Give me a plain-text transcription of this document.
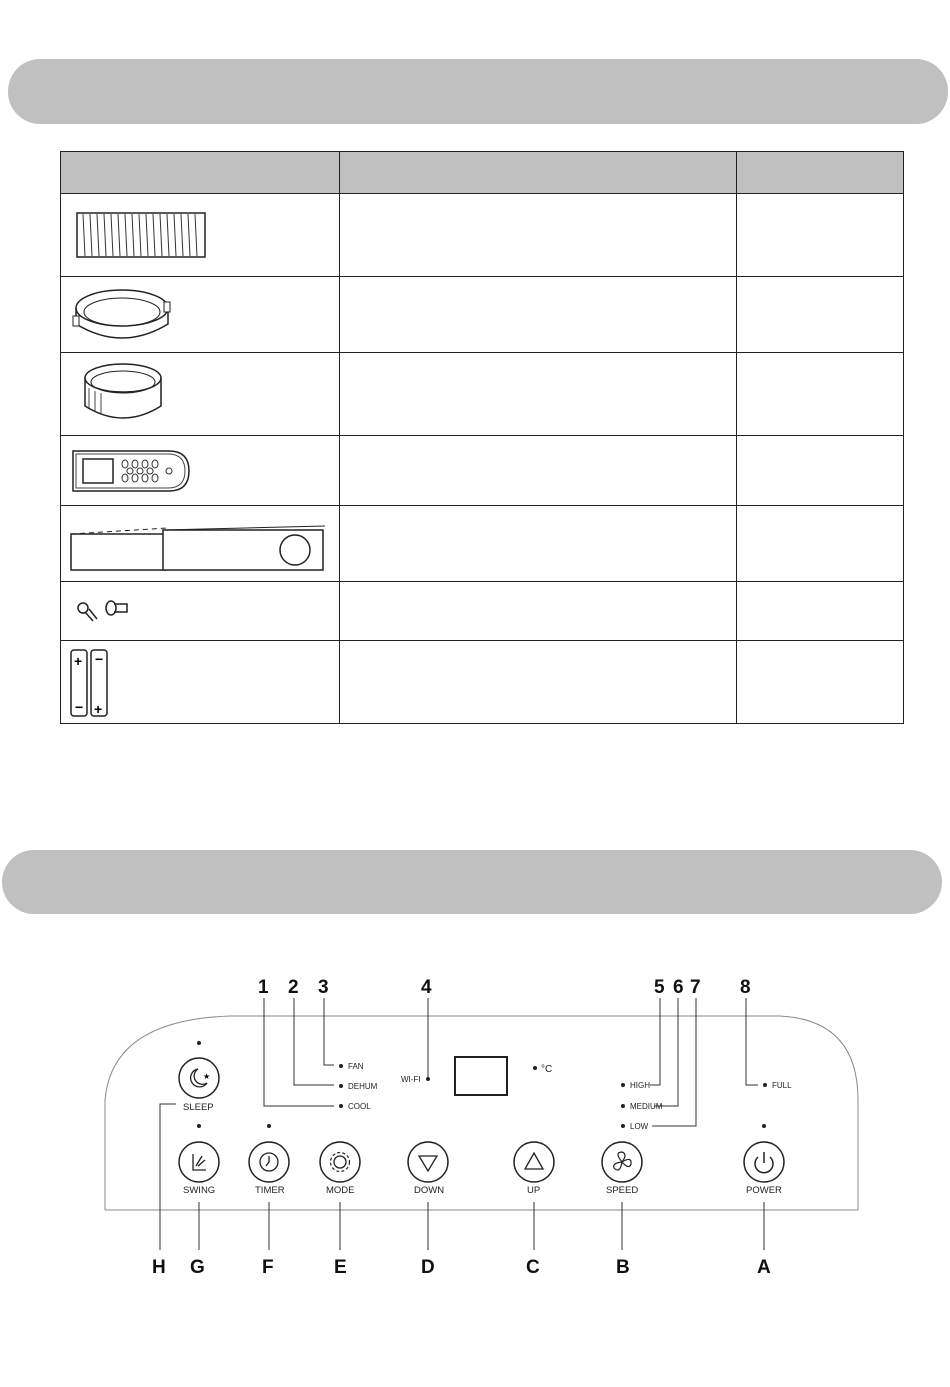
+
−
−
+		

1 2 3	4	5 6 7 8
FAN
DEHUM
COOL
WI-FI
°C
HIGH
MEDIUM
LOW
FULL
★
SLEEP
SWING	TIMER	MODE	DOWN	UP	SPEED	POWER
H G	F	E	D	C	B	A
